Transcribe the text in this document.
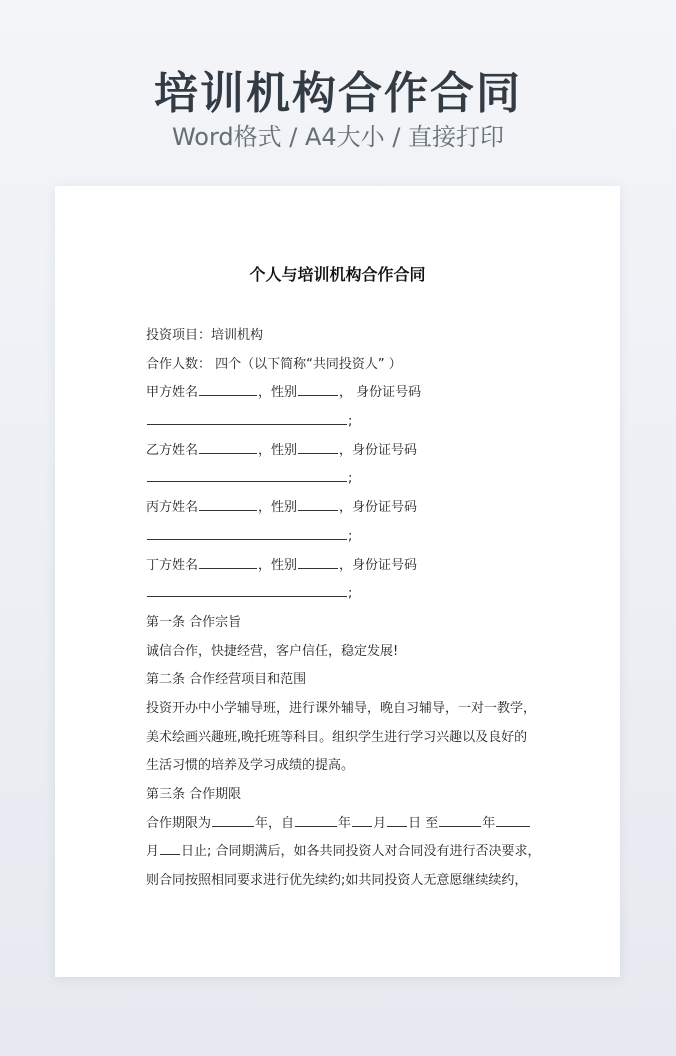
培训机构合作合同
Word格式 / A4大小 / 直接打印
个人与培训机构合作合同
投资项目：培训机构
合作人数： 四个（以下简称“共同投资人” ）
甲方姓名	，性别	， 身份证号码
;
乙方姓名	，性别	，身份证号码
;
丙方姓名	，性别	，身份证号码
;
丁方姓名	，性别	，身份证号码
;
第一条 合作宗旨
诚信合作，快捷经营，客户信任，稳定发展!
第二条 合作经营项目和范围
投资开办中小学辅导班，进行课外辅导，晚自习辅导，一对一教学，
美术绘画兴趣班,晚托班等科目。组织学生进行学习兴趣以及良好的
生活习惯的培养及学习成绩的提高。
第三条 合作期限
合作期限为	年，自	年 月 日 至	年
月 日止; 合同期满后，如各共同投资人对合同没有进行否决要求，
则合同按照相同要求进行优先续约;如共同投资人无意愿继续续约，
